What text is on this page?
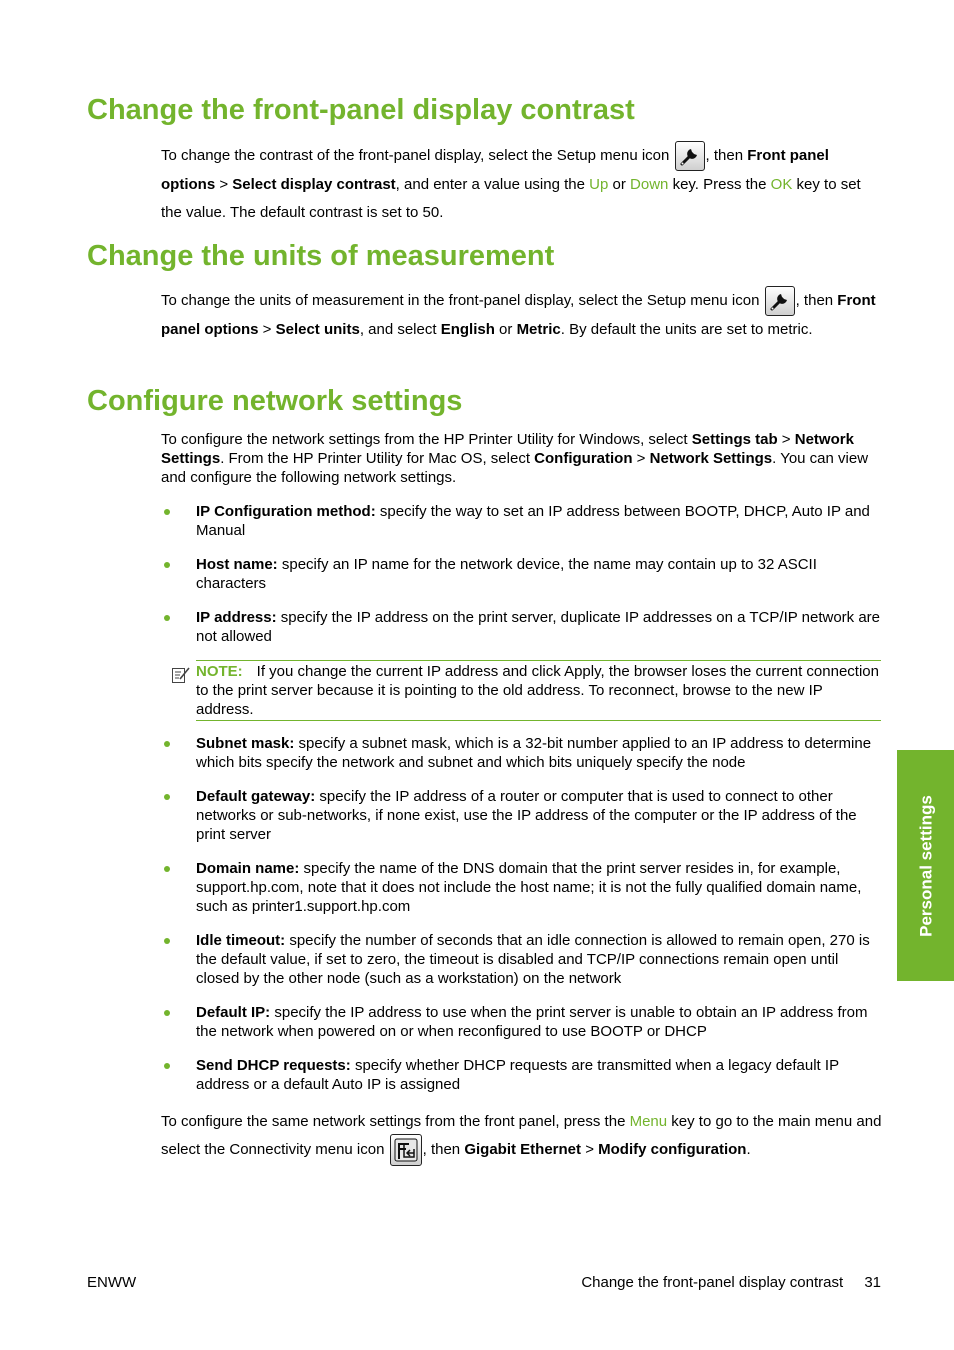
Change the front-panel display contrast

To change the contrast of the front-panel display, select the Setup menu icon , then Front panel options > Select display contrast, and enter a value using the Up or Down key. Press the OK key to set the value. The default contrast is set to 50.

Change the units of measurement

To change the units of measurement in the front-panel display, select the Setup menu icon , then Front panel options > Select units, and select English or Metric. By default the units are set to metric.

Configure network settings

To configure the network settings from the HP Printer Utility for Windows, select Settings tab > Network Settings. From the HP Printer Utility for Mac OS, select Configuration > Network Settings. You can view and configure the following network settings.

IP Configuration method: specify the way to set an IP address between BOOTP, DHCP, Auto IP and Manual
Host name: specify an IP name for the network device, the name may contain up to 32 ASCII characters
IP address: specify the IP address on the print server, duplicate IP addresses on a TCP/IP network are not allowed
Subnet mask: specify a subnet mask, which is a 32-bit number applied to an IP address to determine which bits specify the network and subnet and which bits uniquely specify the node
Default gateway: specify the IP address of a router or computer that is used to connect to other networks or sub-networks, if none exist, use the IP address of the computer or the IP address of the print server
Domain name: specify the name of the DNS domain that the print server resides in, for example, support.hp.com, note that it does not include the host name; it is not the fully qualified domain name, such as printer1.support.hp.com
Idle timeout: specify the number of seconds that an idle connection is allowed to remain open, 270 is the default value, if set to zero, the timeout is disabled and TCP/IP connections remain open until closed by the other node (such as a workstation) on the network
Default IP: specify the IP address to use when the print server is unable to obtain an IP address from the network when powered on or when reconfigured to use BOOTP or DHCP
Send DHCP requests: specify whether DHCP requests are transmitted when a legacy default IP address or a default Auto IP is assigned
NOTE: If you change the current IP address and click Apply, the browser loses the current connection to the print server because it is pointing to the old address. To reconnect, browse to the new IP address.

To configure the same network settings from the front panel, press the Menu key to go to the main menu and select the Connectivity menu icon	, then Gigabit Ethernet > Modify configuration.

Personal settings
ENWW	Change the front-panel display contrast 31
